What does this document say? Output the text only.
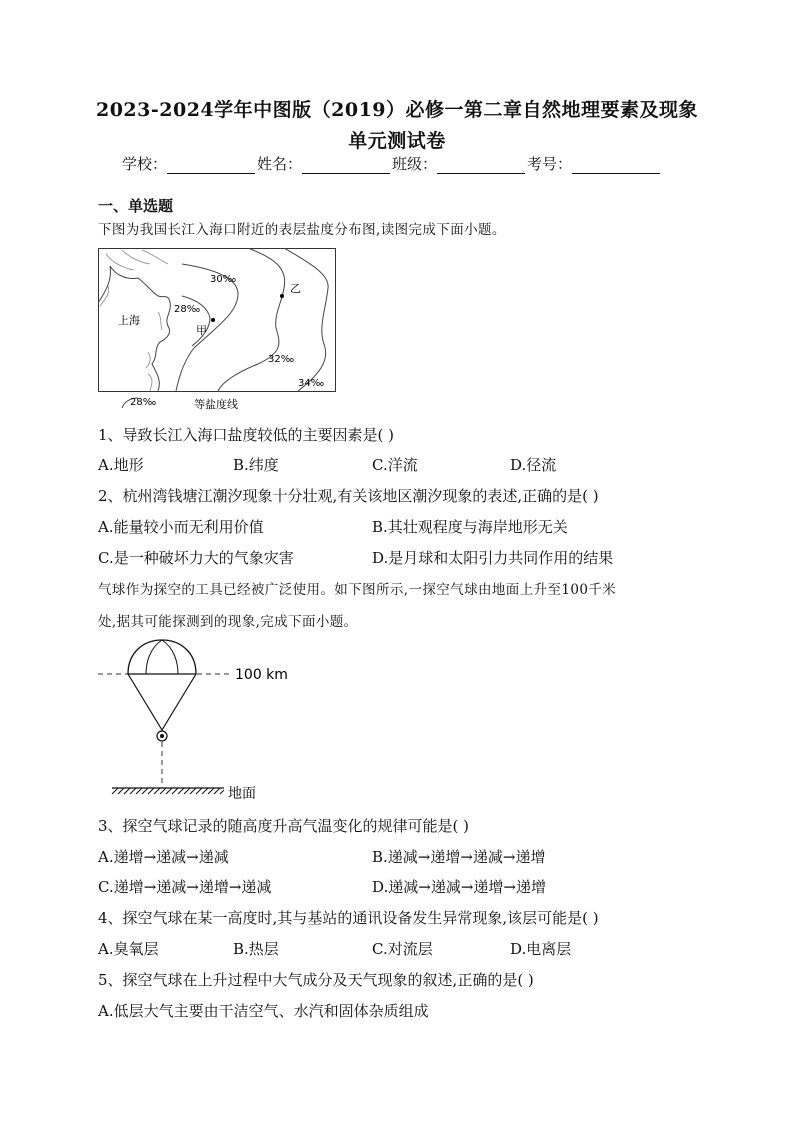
2023-2024学年中图版（2019）必修一第二章自然地理要素及现象
单元测试卷
学校：	姓名：	班级：	考号：
一、单选题
下图为我国长江入海口附近的表层盐度分布图,读图完成下面小题。
30‰
28‰
上海
甲
乙
32‰
34‰
28‰	等盐度线
1、导致长江入海口盐度较低的主要因素是( )
A.地形	B.纬度	C.洋流	D.径流
2、杭州湾钱塘江潮汐现象十分壮观,有关该地区潮汐现象的表述,正确的是( )
A.能量较小而无利用价值	B.其壮观程度与海岸地形无关
C.是一种破坏力大的气象灾害	D.是月球和太阳引力共同作用的结果
气球作为探空的工具已经被广泛使用。如下图所示,一探空气球由地面上升至100千米
处,据其可能探测到的现象,完成下面小题。
100 km
地面
3、探空气球记录的随高度升高气温变化的规律可能是( )
A.递增→递减→递减	B.递减→递增→递减→递增
C.递增→递减→递增→递减	D.递减→递减→递增→递增
4、探空气球在某一高度时,其与基站的通讯设备发生异常现象,该层可能是( )
A.臭氧层	B.热层	C.对流层	D.电离层
5、探空气球在上升过程中大气成分及天气现象的叙述,正确的是( )
A.低层大气主要由干洁空气、水汽和固体杂质组成
